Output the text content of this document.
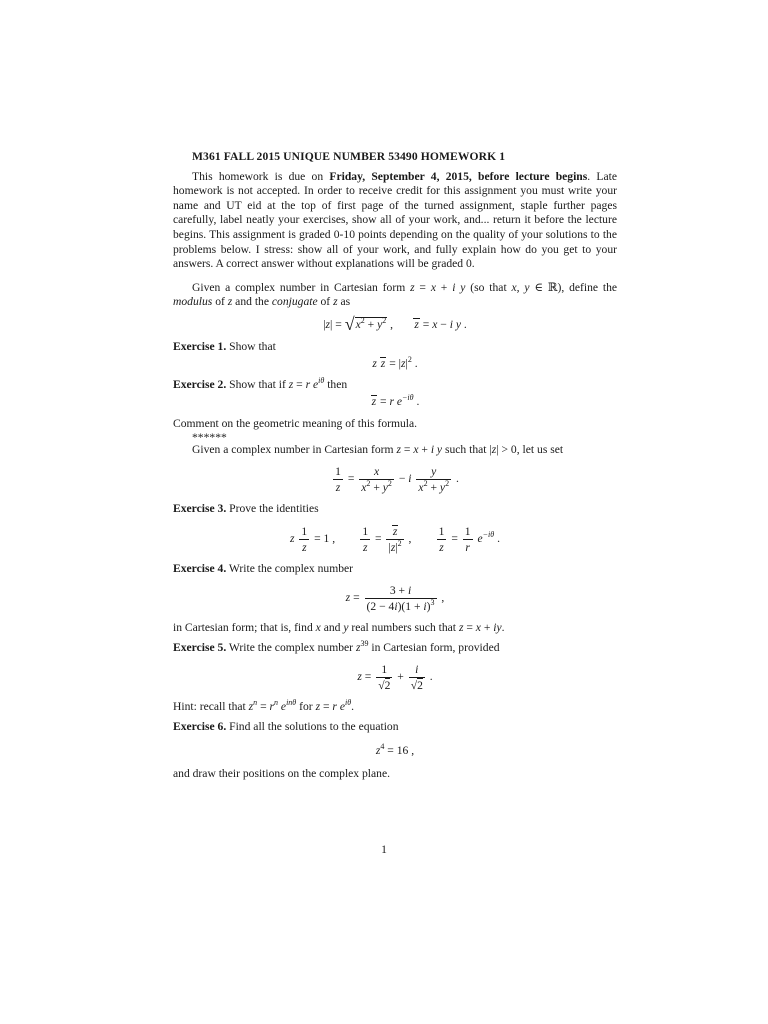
M361 FALL 2015 UNIQUE NUMBER 53490 HOMEWORK 1

This homework is due on Friday, September 4, 2015, before lecture begins. Late homework is not accepted. In order to receive credit for this assignment you must write your name and UT eid at the top of first page of the turned assignment, staple further pages carefully, label neatly your exercises, show all of your work, and... return it before the lecture begins. This assignment is graded 0-10 points depending on the quality of your solutions to the problems below. I stress: show all of your work, and fully explain how do you get to your answers. A correct answer without explanations will be graded 0.

Given a complex number in Cartesian form z = x + i y (so that x, y ∈ ℝ), define the modulus of z and the conjugate of z as

$|z| = √x^2 + y^2$ ,       z = x − i y .

Exercise 1. Show that

z $z = |z|^2$ .

Exercise 2. Show that if z = r $e^{i\theta}$ then

z = r $e^{-i\theta}$ .

Comment on the geometric meaning of this formula.

******

Given a complex number in Cartesian form z = x + i y such that |z| > 0, let us set

$\frac{1}{z} = \frac{x}{x^2 + y^2} - i \frac{y}{x^2 + y^2}$ .

Exercise 3. Prove the identities

z $\frac{1}{z} = 1$ , $\frac{1}{z} = \frac{z}{|z|^2}$ , $\frac{1}{z} = \frac{1}{r} e^{-i\theta}$ .

Exercise 4. Write the complex number

$z = \frac{3 + i}{(2 - 4i)(1 + i)^3}$ ,

in Cartesian form; that is, find x and y real numbers such that z = x + iy.

Exercise 5. Write the complex number $z^{39}$ in Cartesian form, provided

$z = \frac{1}{√2} + \frac{i}{√2}$ .

Hint: recall that $z^n = r^n$ $e^{in\theta}$ for z = r $e^{i\theta}$.

Exercise 6. Find all the solutions to the equation

$z^4 = 16$ ,

and draw their positions on the complex plane.

1
